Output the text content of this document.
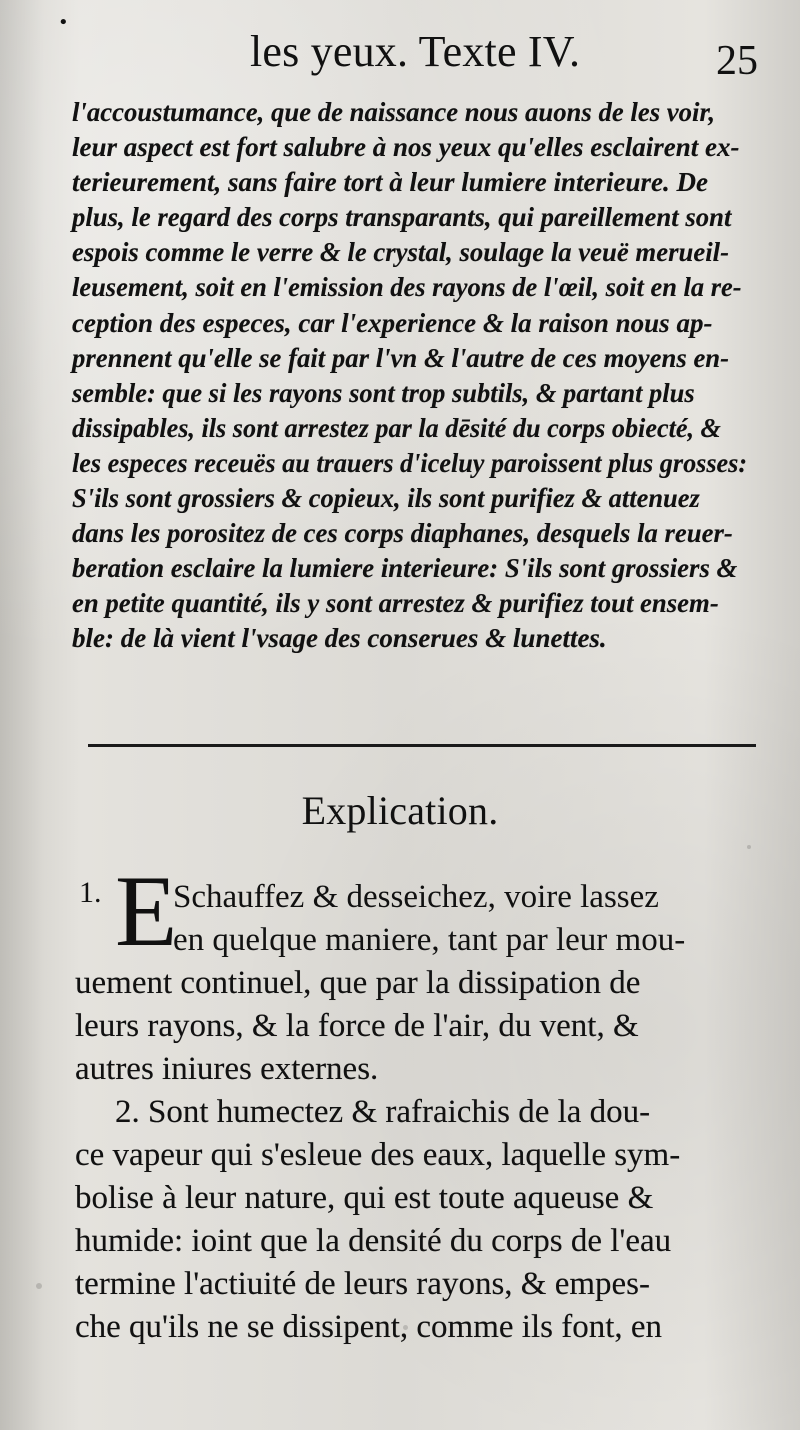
•
les yeux. Texte IV.	25
l'accoustumance, que de naissance nous auons de les voir,
leur aspect est fort salubre à nos yeux qu'elles esclairent ex-
terieurement, sans faire tort à leur lumiere interieure. De
plus, le regard des corps transparants, qui pareillement sont
espois comme le verre & le crystal, soulage la veuë merueil-
leusement, soit en l'emission des rayons de l'œil, soit en la re-
ception des especes, car l'experience & la raison nous ap-
prennent qu'elle se fait par l'vn & l'autre de ces moyens en-
semble: que si les rayons sont trop subtils, & partant plus
dissipables, ils sont arrestez par la dēsité du corps obiecté, &
les especes receuës au trauers d'iceluy paroissent plus grosses:
S'ils sont grossiers & copieux, ils sont purifiez & attenuez
dans les porositez de ces corps diaphanes, desquels la reuer-
beration esclaire la lumiere interieure: S'ils sont grossiers &
en petite quantité, ils y sont arrestez & purifiez tout ensem-
ble: de là vient l'vsage des conserues & lunettes.
Explication.
1. E
Schauffez & desseichez, voire lassez
en quelque maniere, tant par leur mou-
uement continuel, que par la dissipation de
leurs rayons, & la force de l'air, du vent, &
autres iniures externes.
2. Sont humectez & rafraichis de la dou-
ce vapeur qui s'esleue des eaux, laquelle sym-
bolise à leur nature, qui est toute aqueuse &
humide: ioint que la densité du corps de l'eau
termine l'actiuité de leurs rayons, & empes-
che qu'ils ne se dissipent, comme ils font, en
